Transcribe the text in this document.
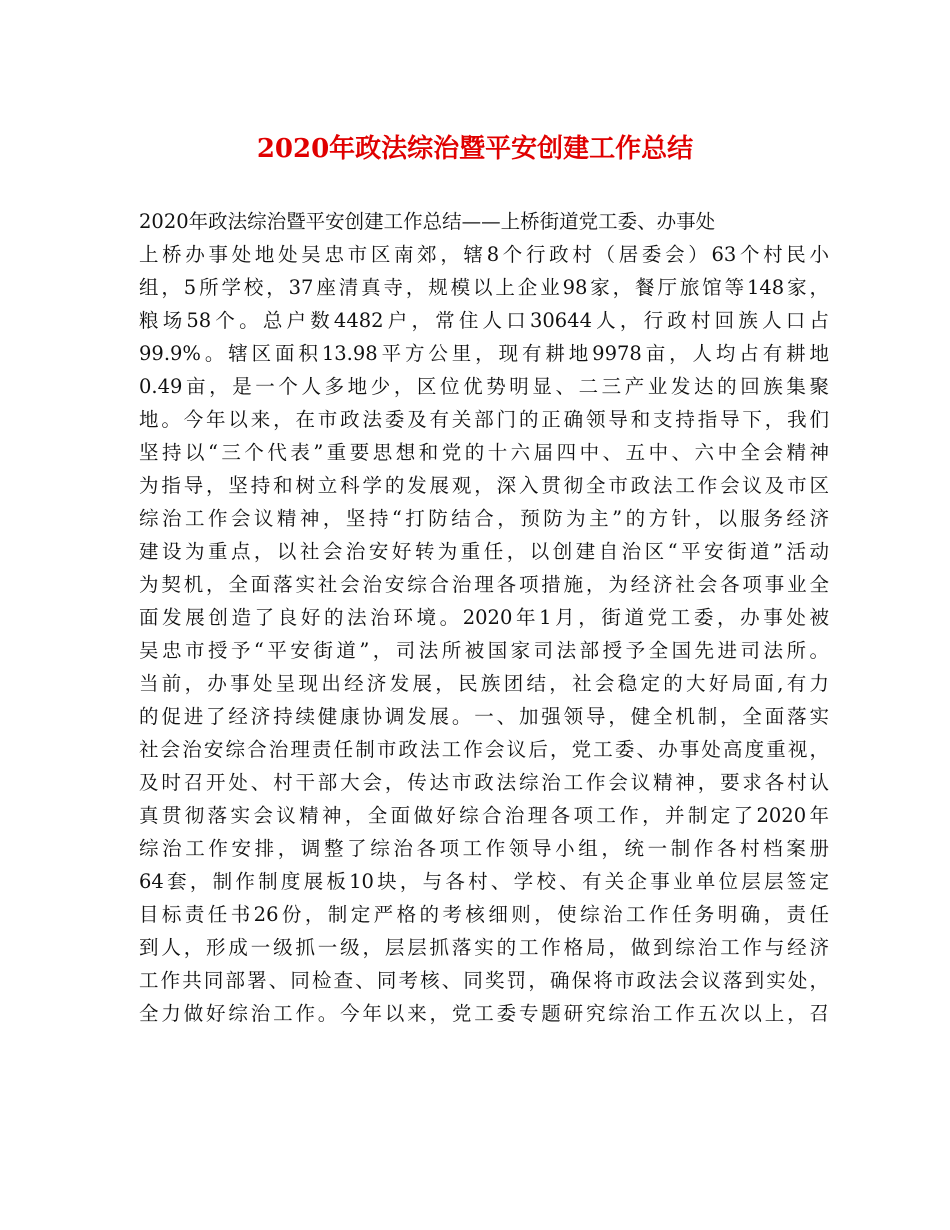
2020年政法综治暨平安创建工作总结
2020年政法综治暨平安创建工作总结——上桥街道党工委、办事处
上桥办事处地处吴忠市区南郊，辖8个行政村（居委会）63个村民小
组，5所学校，37座清真寺，规模以上企业98家，餐厅旅馆等148家，
粮场58个。总户数4482户，常住人口30644人，行政村回族人口占
99.9%。辖区面积13.98平方公里，现有耕地9978亩，人均占有耕地
0.49亩，是一个人多地少，区位优势明显、二三产业发达的回族集聚
地。今年以来，在市政法委及有关部门的正确领导和支持指导下，我们
坚持以“三个代表”重要思想和党的十六届四中、五中、六中全会精神
为指导，坚持和树立科学的发展观，深入贯彻全市政法工作会议及市区
综治工作会议精神，坚持“打防结合，预防为主”的方针，以服务经济
建设为重点，以社会治安好转为重任，以创建自治区“平安街道”活动
为契机，全面落实社会治安综合治理各项措施，为经济社会各项事业全
面发展创造了良好的法治环境。2020年1月，街道党工委，办事处被
吴忠市授予“平安街道”，司法所被国家司法部授予全国先进司法所。
当前，办事处呈现出经济发展，民族团结，社会稳定的大好局面,有力
的促进了经济持续健康协调发展。一、加强领导，健全机制，全面落实
社会治安综合治理责任制市政法工作会议后，党工委、办事处高度重视，
及时召开处、村干部大会，传达市政法综治工作会议精神，要求各村认
真贯彻落实会议精神，全面做好综合治理各项工作，并制定了2020年
综治工作安排，调整了综治各项工作领导小组，统一制作各村档案册
64套，制作制度展板10块，与各村、学校、有关企事业单位层层签定
目标责任书26份，制定严格的考核细则，使综治工作任务明确，责任
到人，形成一级抓一级，层层抓落实的工作格局，做到综治工作与经济
工作共同部署、同检查、同考核、同奖罚，确保将市政法会议落到实处，
全力做好综治工作。今年以来，党工委专题研究综治工作五次以上，召
